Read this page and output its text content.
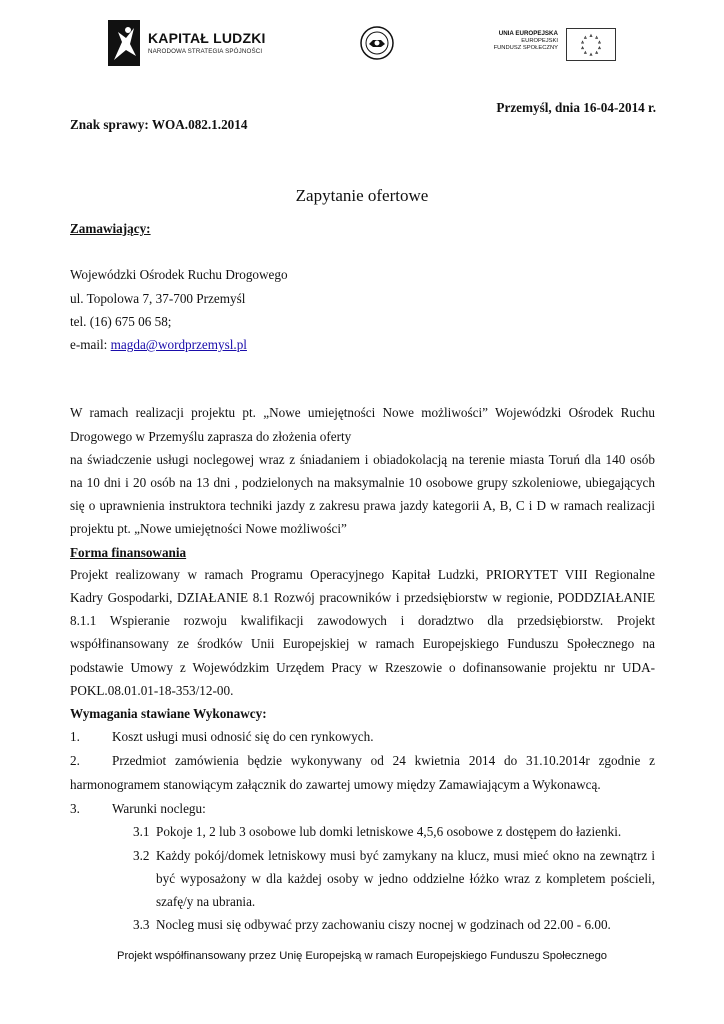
KAPITAŁ LUDZKI
NARODOWA STRATEGIA SPÓJNOŚCI
UNIA EUROPEJSKA
EUROPEJSKI
FUNDUSZ SPOŁECZNY
Przemyśl, dnia 16-04-2014 r.
Znak sprawy: WOA.082.1.2014
Zapytanie ofertowe
Zamawiający:
Wojewódzki Ośrodek Ruchu Drogowego
ul. Topolowa 7, 37-700 Przemyśl
tel. (16) 675 06 58;
e-mail: magda@wordprzemysl.pl
W ramach realizacji projektu pt. „Nowe umiejętności Nowe możliwości” Wojewódzki Ośrodek Ruchu
Drogowego w Przemyślu zaprasza do złożenia oferty
na świadczenie usługi noclegowej wraz z śniadaniem i obiadokolacją na terenie miasta Toruń dla 140 osób
na 10 dni i 20 osób na 13 dni , podzielonych na maksymalnie 10 osobowe grupy szkoleniowe, ubiegających
się o uprawnienia instruktora techniki jazdy z zakresu prawa jazdy kategorii A, B, C i D w ramach realizacji
projektu pt. „Nowe umiejętności Nowe możliwości”
Forma finansowania
Projekt realizowany w ramach Programu Operacyjnego Kapitał Ludzki, PRIORYTET VIII Regionalne
Kadry Gospodarki, DZIAŁANIE 8.1 Rozwój pracowników i przedsiębiorstw w regionie, PODDZIAŁANIE
8.1.1 Wspieranie rozwoju kwalifikacji zawodowych i doradztwo dla przedsiębiorstw. Projekt
współfinansowany ze środków Unii Europejskiej w ramach Europejskiego Funduszu Społecznego na
podstawie Umowy z Wojewódzkim Urzędem Pracy w Rzeszowie o dofinansowanie projektu nr UDA-
POKL.08.01.01-18-353/12-00.
Wymagania stawiane Wykonawcy:
1. Koszt usługi musi odnosić się do cen rynkowych.
2. Przedmiot zamówienia będzie wykonywany od 24 kwietnia 2014 do 31.10.2014r zgodnie z
harmonogramem stanowiącym załącznik do zawartej umowy między Zamawiającym a Wykonawcą.
3. Warunki noclegu:
3.1 Pokoje 1, 2 lub 3 osobowe lub domki letniskowe 4,5,6 osobowe z dostępem do łazienki.
3.2 Każdy pokój/domek letniskowy musi być zamykany na klucz, musi mieć okno na zewnątrz i
być wyposażony w dla każdej osoby w jedno oddzielne łóżko wraz z kompletem pościeli,
szafę/y na ubrania.
3.3 Nocleg musi się odbywać przy zachowaniu ciszy nocnej w godzinach od 22.00 - 6.00.
Projekt współfinansowany przez Unię Europejską w ramach Europejskiego Funduszu Społecznego
